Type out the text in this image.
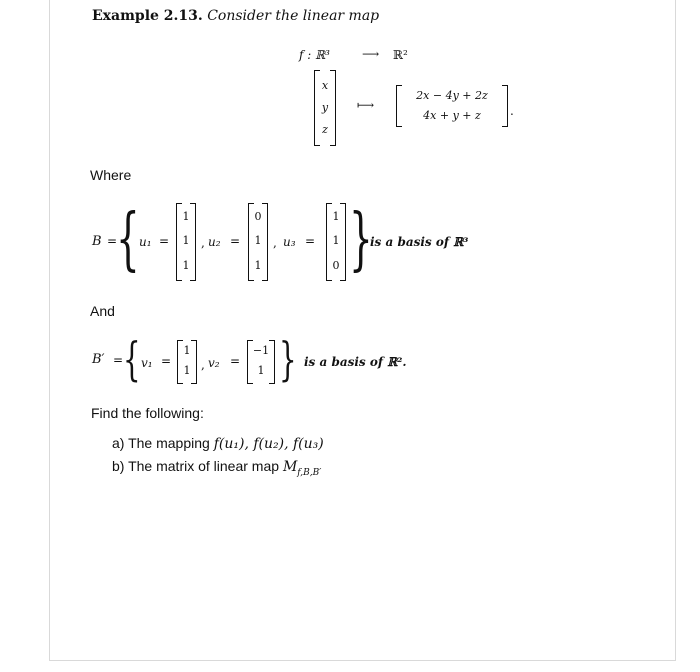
Example 2.13. Consider the linear map
f : ℝ³	⟶ ℝ²
x
y
z
⟼
2x − 4y + 2z
4x + y + z	.
Where
B =
{ u₁ =
1
1
1
, u₂ =
0
1
1
, u₃ =
1
1
0 }
is a basis of ℝ³
And
B′ = { v₁ =
1
1 , v₂ =
−1
1 } is a basis of ℝ².
Find the following:
a) The mapping f(u₁), f(u₂), f(u₃)
b) The matrix of linear map $M_{f,B,B'}$
